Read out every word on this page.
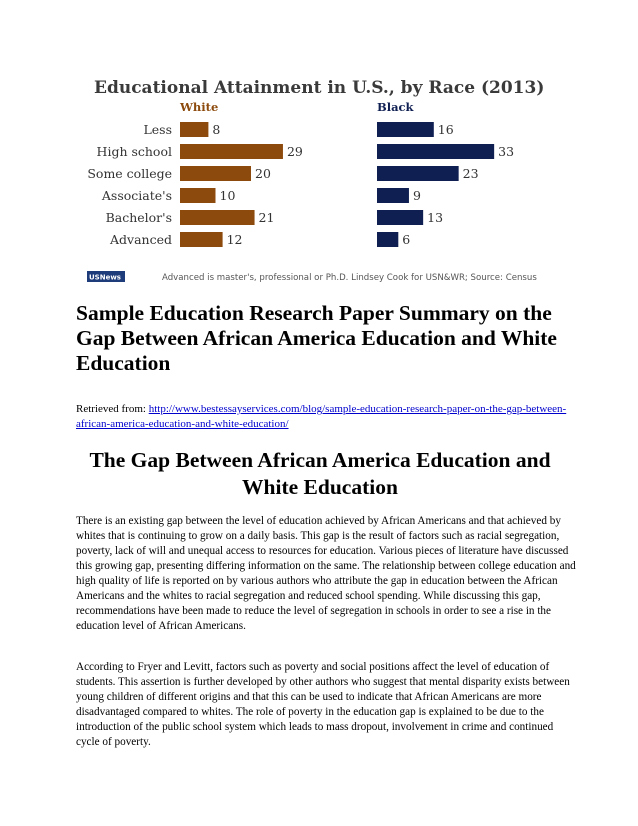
Educational Attainment in U.S., by Race (2013)
White	Black
Less
High school
Some college
Associate's
Bachelor's
Advanced
8
29
20
10
21
12
16
33
23
9
13
6
USNews	Advanced is master's, professional or Ph.D. Lindsey Cook for USN&WR; Source: Census
Sample Education Research Paper Summary on the Gap Between African America Education and White Education

Retrieved from: http://www.bestessayservices.com/blog/sample-education-research-paper-on-the-gap-between-african-america-education-and-white-education/

The Gap Between African America Education and White Education

There is an existing gap between the level of education achieved by African Americans and that achieved by whites that is continuing to grow on a daily basis. This gap is the result of factors such as racial segregation, poverty, lack of will and unequal access to resources for education. Various pieces of literature have discussed this growing gap, presenting differing information on the same. The relationship between college education and high quality of life is reported on by various authors who attribute the gap in education between the African Americans and the whites to racial segregation and reduced school spending. While discussing this gap, recommendations have been made to reduce the level of segregation in schools in order to see a rise in the education level of African Americans.

According to Fryer and Levitt, factors such as poverty and social positions affect the level of education of students. This assertion is further developed by other authors who suggest that mental disparity exists between young children of different origins and that this can be used to indicate that African Americans are more disadvantaged compared to whites. The role of poverty in the education gap is explained to be due to the introduction of the public school system which leads to mass dropout, involvement in crime and continued cycle of poverty.
